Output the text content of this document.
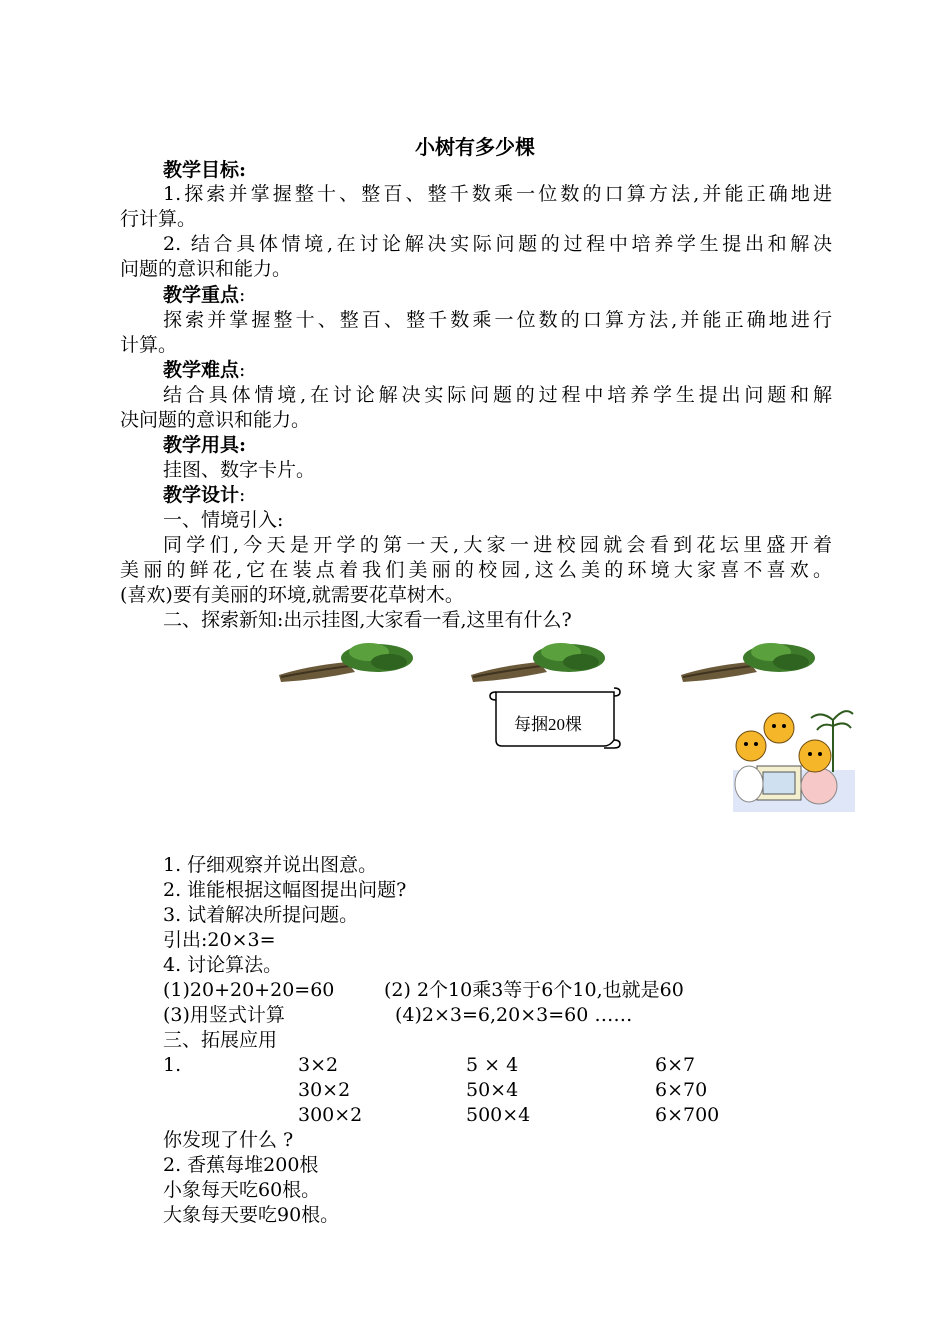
小树有多少棵
教学目标:
1.探索并掌握整十、整百、整千数乘一位数的口算方法,并能正确地进
行计算。
2. 结合具体情境,在讨论解决实际问题的过程中培养学生提出和解决
问题的意识和能力。
教学重点:
探索并掌握整十、整百、整千数乘一位数的口算方法,并能正确地进行
计算。
教学难点:
结合具体情境,在讨论解决实际问题的过程中培养学生提出问题和解
决问题的意识和能力。
教学用具:
挂图、数字卡片。
教学设计:
一、情境引入:
同学们,今天是开学的第一天,大家一进校园就会看到花坛里盛开着
美丽的鲜花,它在装点着我们美丽的校园,这么美的环境大家喜不喜欢。
(喜欢)要有美丽的环境,就需要花草树木。
二、探索新知:出示挂图,大家看一看,这里有什么?
每捆20棵
1. 仔细观察并说出图意。
2. 谁能根据这幅图提出问题?
3. 试着解决所提问题。
引出:20×3=
4. 讨论算法。
(1)20+20+20=60	(2) 2个10乘3等于6个10,也就是60
(3)用竖式计算	(4)2×3=6,20×3=60 ……
三、拓展应用
1.	3×2	5 × 4	6×7
30×2	50×4	6×70
300×2	500×4	6×700
你发现了什么 ?
2. 香蕉每堆200根
小象每天吃60根。
大象每天要吃90根。
